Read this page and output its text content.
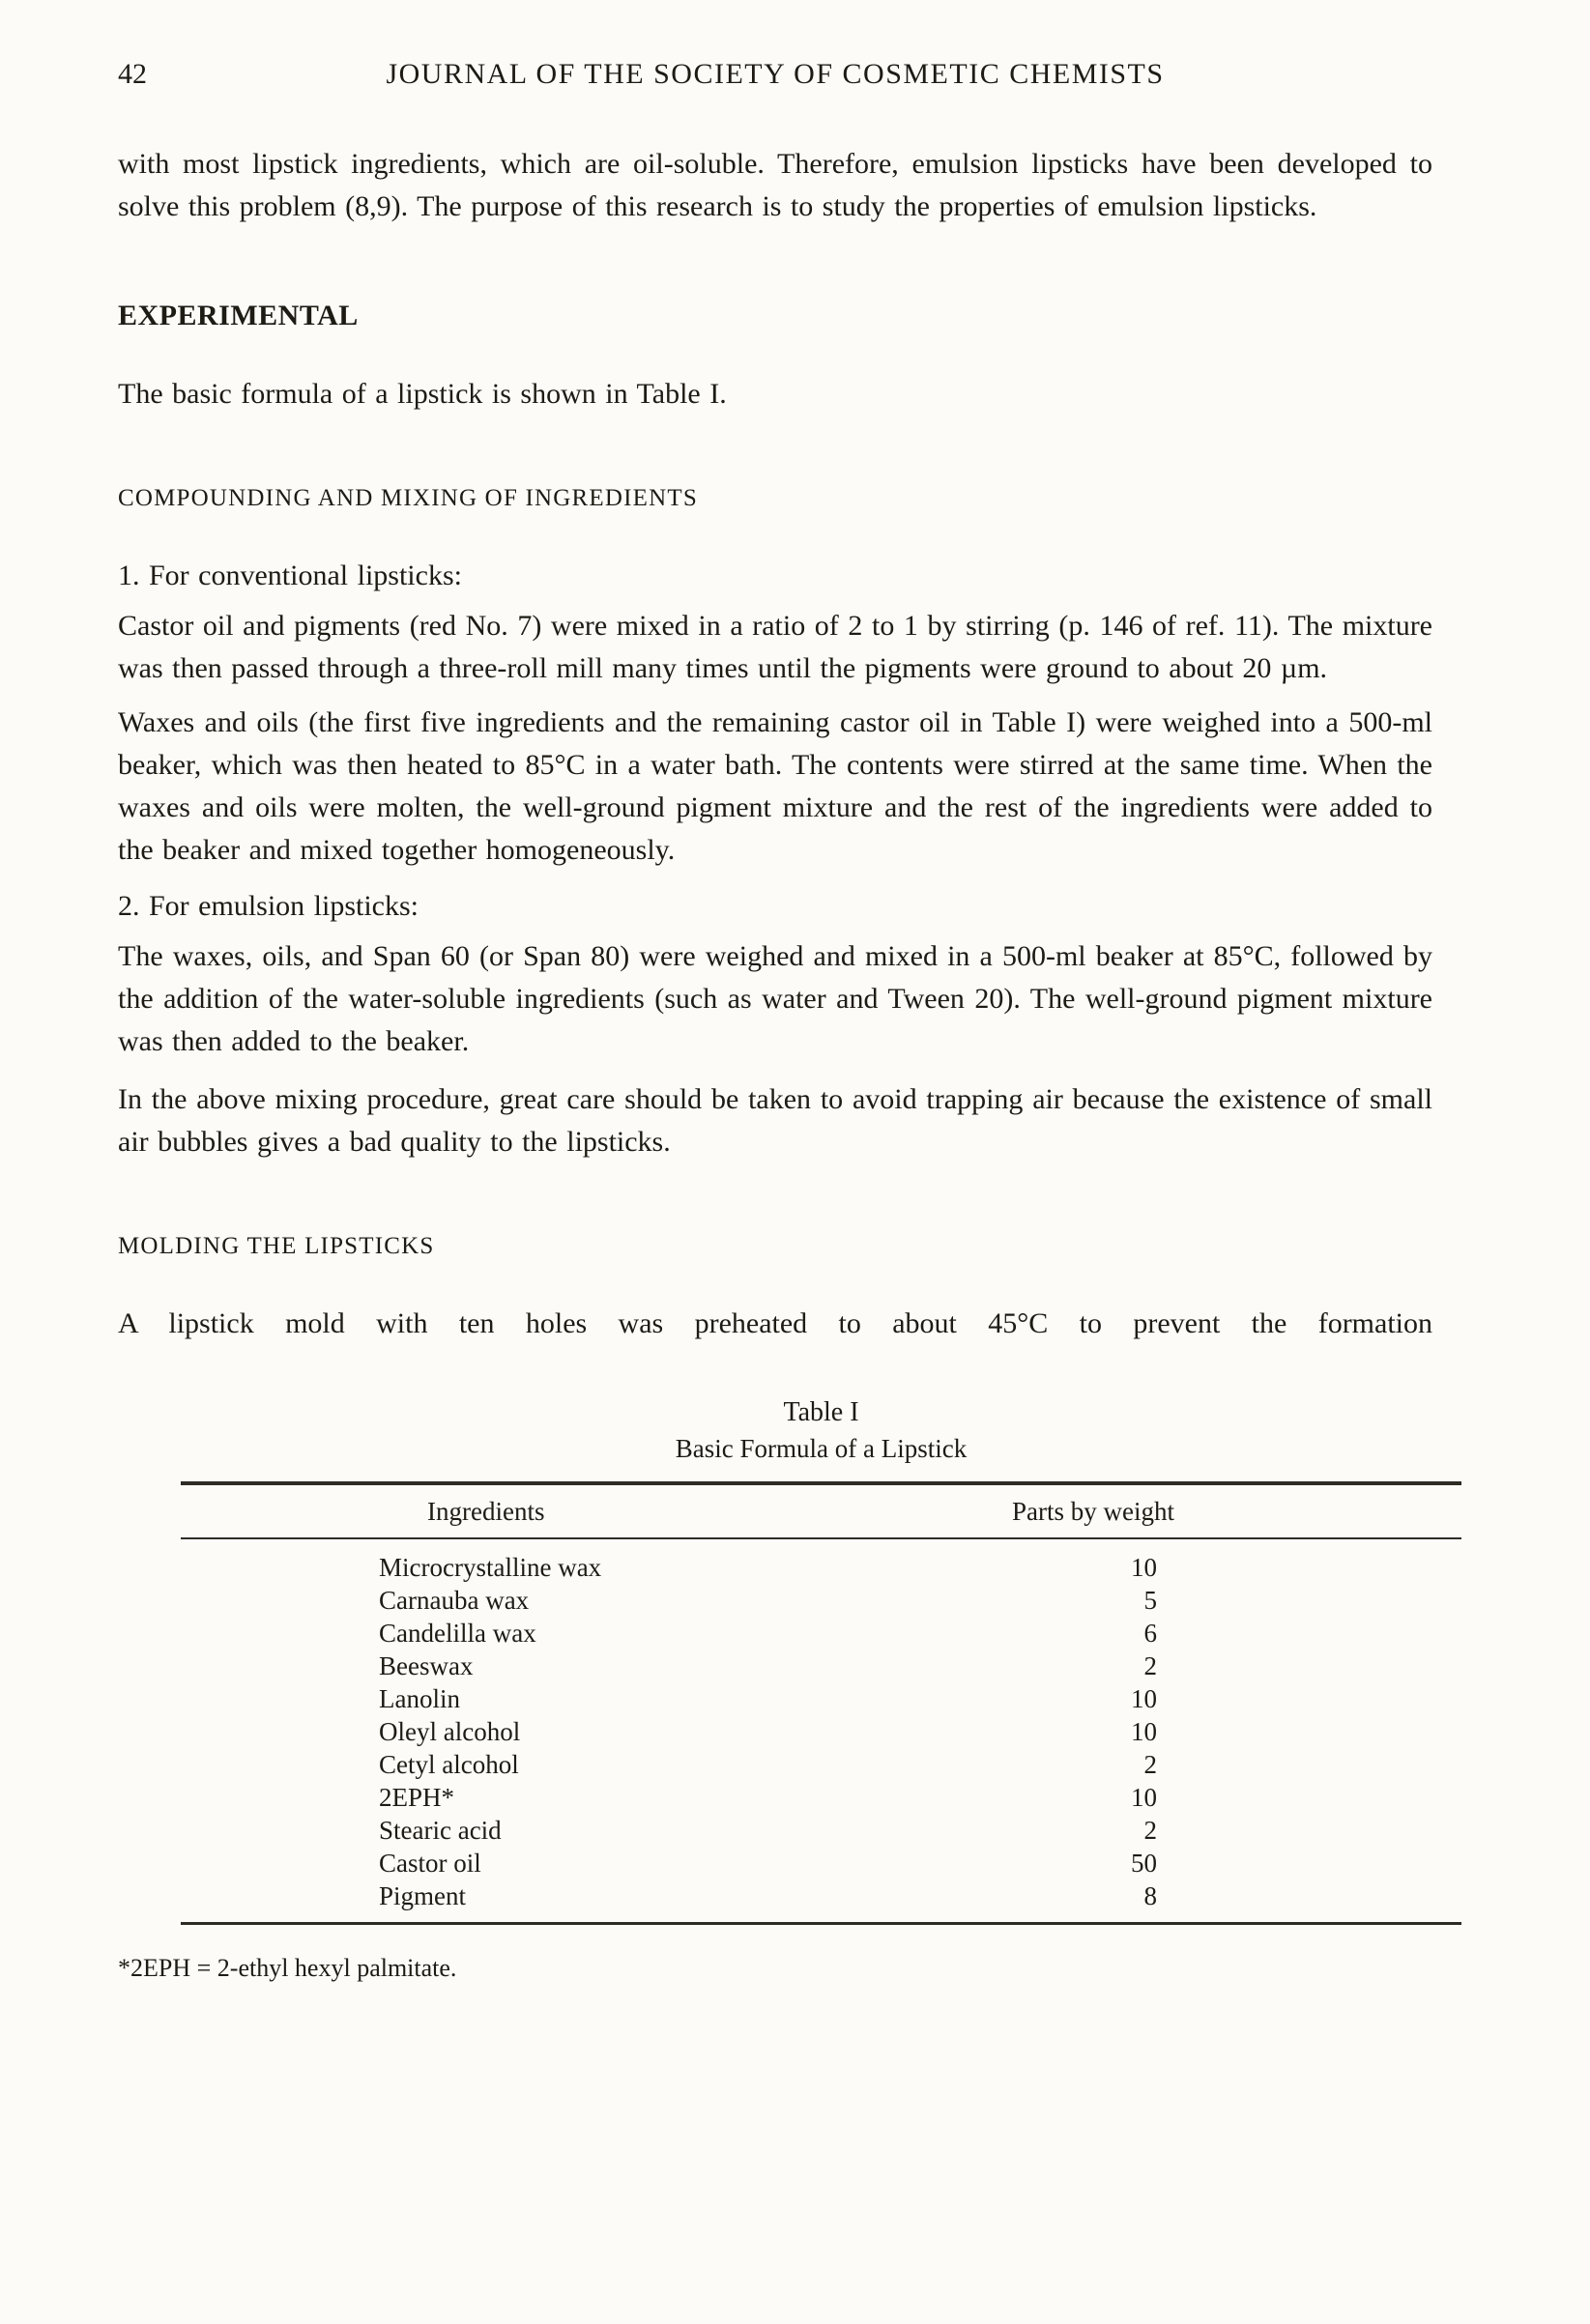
42	JOURNAL OF THE SOCIETY OF COSMETIC CHEMISTS

with most lipstick ingredients, which are oil-soluble. Therefore, emulsion lipsticks have been developed to solve this problem (8,9). The purpose of this research is to study the properties of emulsion lipsticks.

EXPERIMENTAL

The basic formula of a lipstick is shown in Table I.

COMPOUNDING AND MIXING OF INGREDIENTS

1. For conventional lipsticks:

Castor oil and pigments (red No. 7) were mixed in a ratio of 2 to 1 by stirring (p. 146 of ref. 11). The mixture was then passed through a three-roll mill many times until the pigments were ground to about 20 µm.

Waxes and oils (the first five ingredients and the remaining castor oil in Table I) were weighed into a 500-ml beaker, which was then heated to 85°C in a water bath. The contents were stirred at the same time. When the waxes and oils were molten, the well-ground pigment mixture and the rest of the ingredients were added to the beaker and mixed together homogeneously.

2. For emulsion lipsticks:

The waxes, oils, and Span 60 (or Span 80) were weighed and mixed in a 500-ml beaker at 85°C, followed by the addition of the water-soluble ingredients (such as water and Tween 20). The well-ground pigment mixture was then added to the beaker.

In the above mixing procedure, great care should be taken to avoid trapping air because the existence of small air bubbles gives a bad quality to the lipsticks.

MOLDING THE LIPSTICKS

A lipstick mold with ten holes was preheated to about 45°C to prevent the formation

Table I
Basic Formula of a Lipstick
Ingredients	Parts by weight
Microcrystalline wax	10
Carnauba wax	5
Candelilla wax	6
Beeswax	2
Lanolin	10
Oleyl alcohol	10
Cetyl alcohol	2
2EPH*	10
Stearic acid	2
Castor oil	50
Pigment	8

*2EPH = 2-ethyl hexyl palmitate.
